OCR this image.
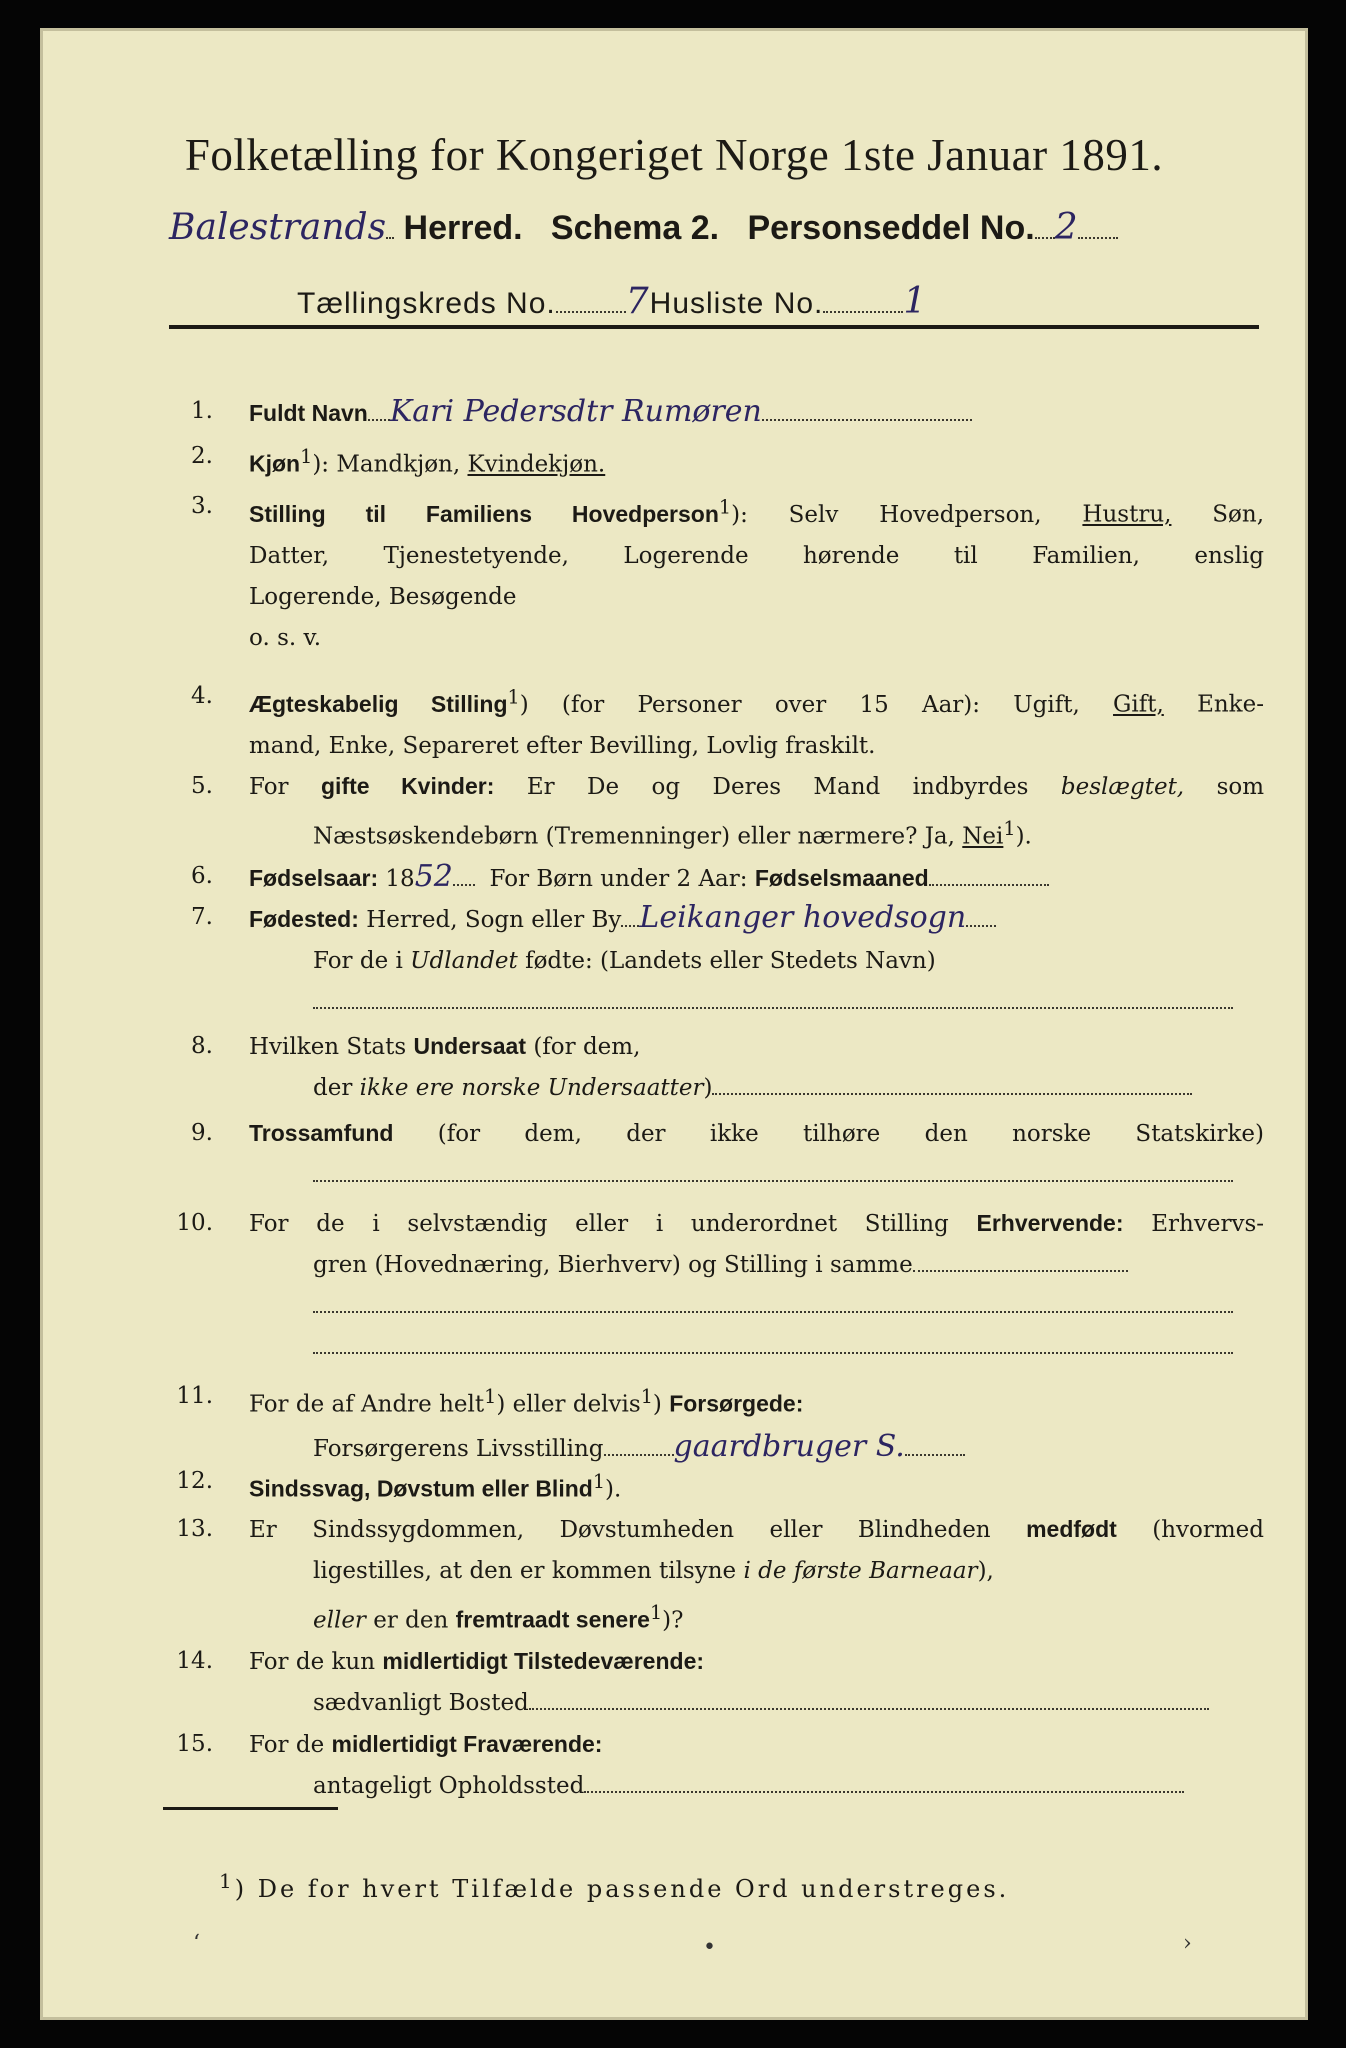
Folketælling for Kongeriget Norge 1ste Januar 1891.
Balestrands Herred. Schema 2. Personseddel No. 2
Tællingskreds No. 7Husliste No. 1
1. Fuldt Navn Kari Pedersdtr Rumøren
2. Kjøn$^1$): Mandkjøn, Kvindekjøn.
3. Stilling til Familiens Hovedperson$^1$): Selv Hovedperson, Hustru, Søn,
Datter, Tjenestetyende, Logerende hørende til Familien, enslig
Logerende, Besøgende
o. s. v.
4. Ægteskabelig Stilling$^1$) (for Personer over 15 Aar): Ugift, Gift, Enke-
mand, Enke, Separeret efter Bevilling, Lovlig fraskilt.
5. For gifte Kvinder: Er De og Deres Mand indbyrdes beslægtet, som
Næstsøskendebørn (Tremenninger) eller nærmere? Ja, Nei$^1$).
6. Fødselsaar: 1852 For Børn under 2 Aar: Fødselsmaaned
7. Fødested: Herred, Sogn eller By Leikanger hovedsogn
For de i Udlandet fødte: (Landets eller Stedets Navn)
8. Hvilken Stats Undersaat (for dem,
der ikke ere norske Undersaatter)
9. Trossamfund (for dem, der ikke tilhøre den norske Statskirke)
10. For de i selvstændig eller i underordnet Stilling Erhvervende: Erhvervs-
gren (Hovednæring, Bierhverv) og Stilling i samme
11. For de af Andre helt$^1$) eller delvis$^1$) Forsørgede:
Forsørgerens Livsstilling gaardbruger S.
12. Sindssvag, Døvstum eller Blind$^1$).
13. Er Sindssygdommen, Døvstumheden eller Blindheden medfødt (hvormed
ligestilles, at den er kommen tilsyne i de første Barneaar),
eller er den fremtraadt senere$^1$)?
14. For de kun midlertidigt Tilstedeværende:
sædvanligt Bosted
15. For de midlertidigt Fraværende:
antageligt Opholdssted
$^1$) De for hvert Tilfælde passende Ord understreges.
‘	•	›
